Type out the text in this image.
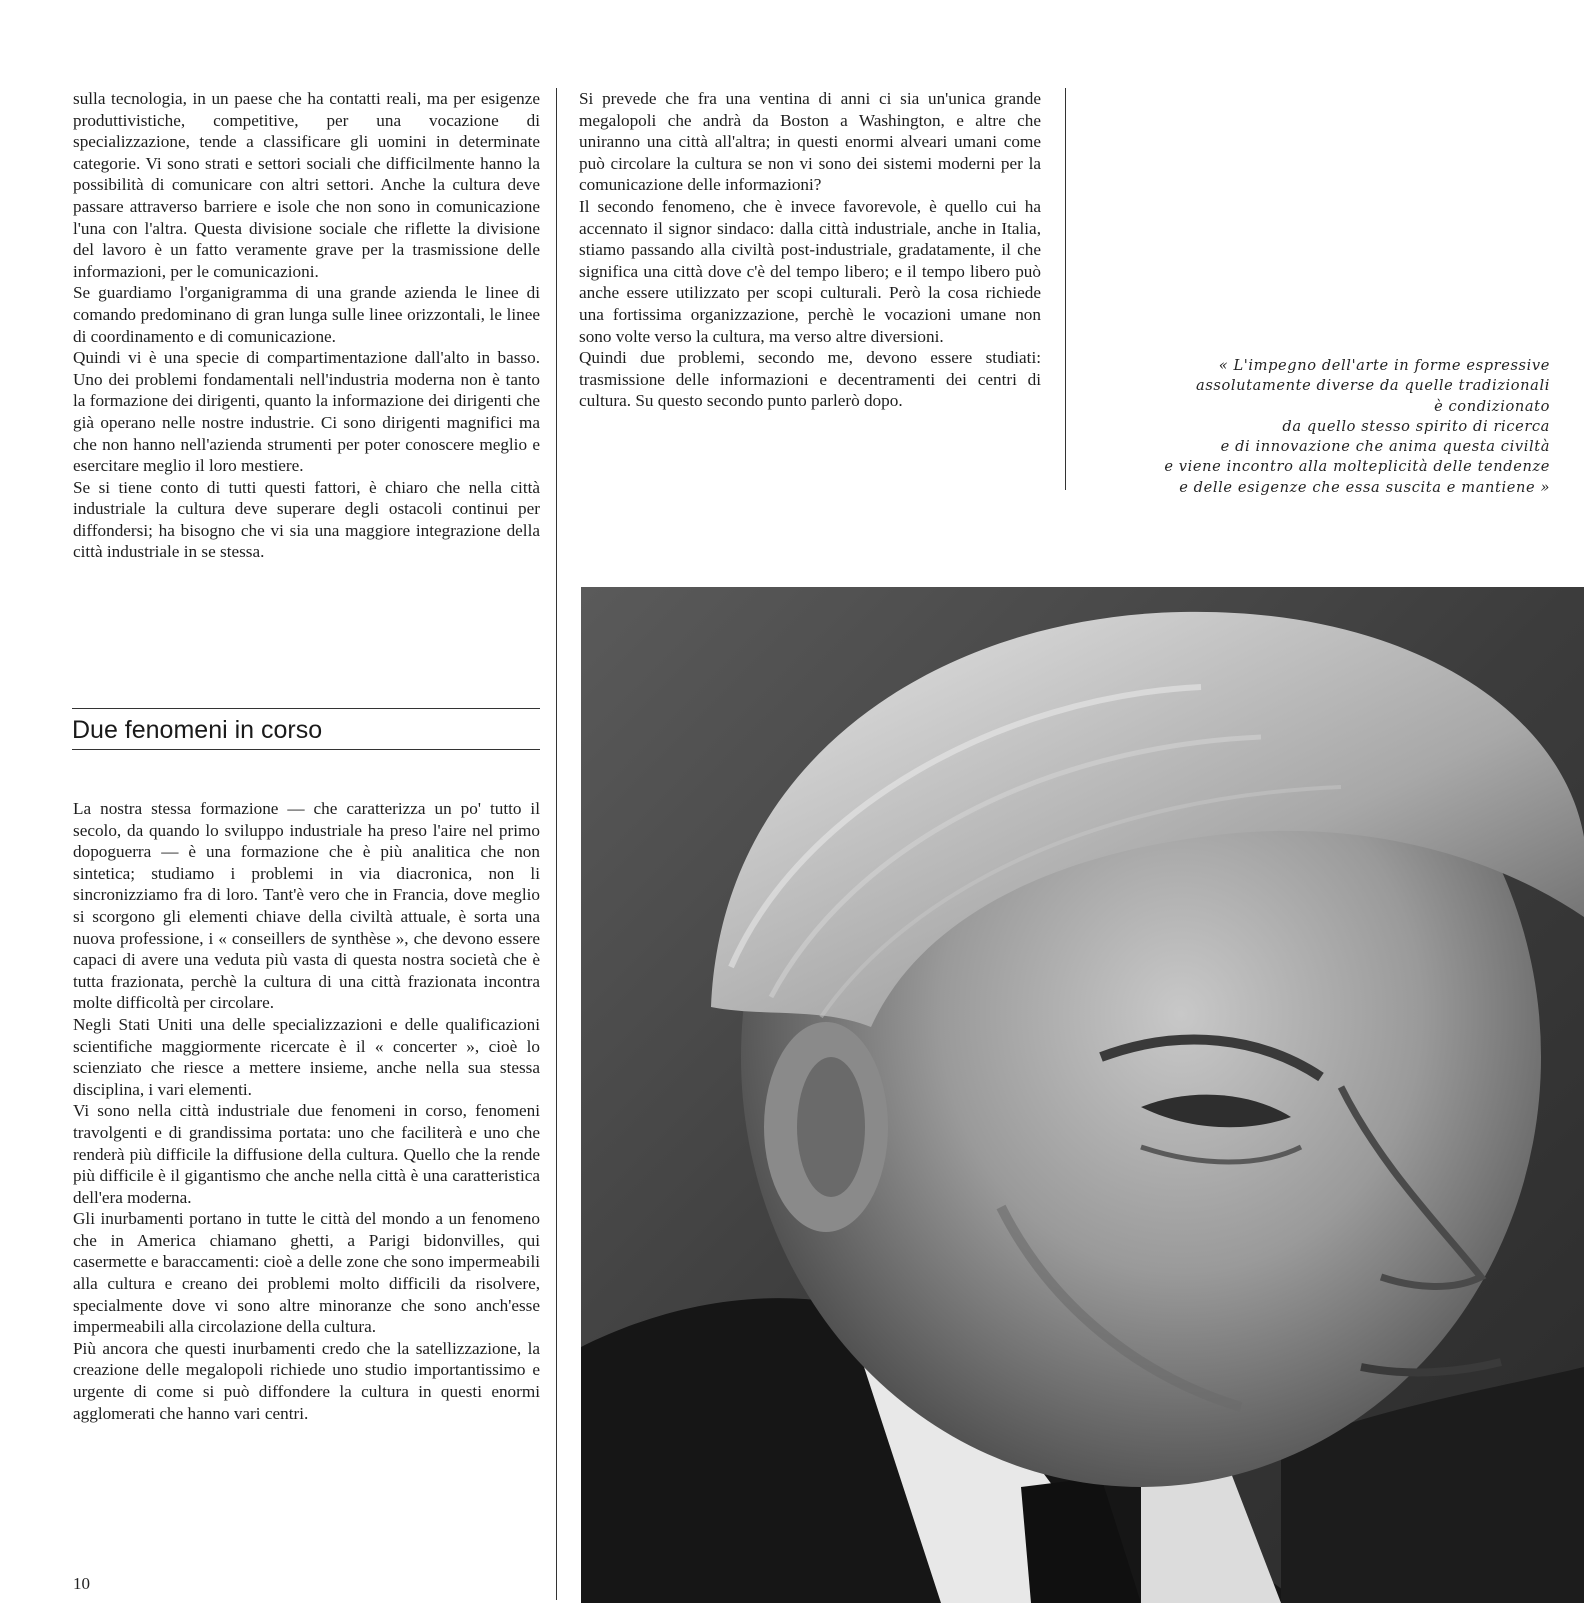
sulla tecnologia, in un paese che ha contatti reali, ma per esigenze produttivistiche, competitive, per una vocazione di specializzazione, tende a classificare gli uomini in determinate categorie. Vi sono strati e settori sociali che difficilmente hanno la possibilità di comunicare con altri settori. Anche la cultura deve passare attraverso barriere e isole che non sono in comunicazione l'una con l'altra. Questa divisione sociale che riflette la divisione del lavoro è un fatto veramente grave per la trasmissione delle informazioni, per le comunicazioni.

Se guardiamo l'organigramma di una grande azienda le linee di comando predominano di gran lunga sulle linee orizzontali, le linee di coordinamento e di comunicazione.

Quindi vi è una specie di compartimentazione dall'alto in basso. Uno dei problemi fondamentali nell'industria moderna non è tanto la formazione dei dirigenti, quanto la informazione dei dirigenti che già operano nelle nostre industrie. Ci sono dirigenti magnifici ma che non hanno nell'azienda strumenti per poter conoscere meglio e esercitare meglio il loro mestiere.

Se si tiene conto di tutti questi fattori, è chiaro che nella città industriale la cultura deve superare degli ostacoli continui per diffondersi; ha bisogno che vi sia una maggiore integrazione della città industriale in se stessa.

Due fenomeni in corso

La nostra stessa formazione — che caratterizza un po' tutto il secolo, da quando lo sviluppo industriale ha preso l'aire nel primo dopoguerra — è una formazione che è più analitica che non sintetica; studiamo i problemi in via diacronica, non li sincronizziamo fra di loro. Tant'è vero che in Francia, dove meglio si scorgono gli elementi chiave della civiltà attuale, è sorta una nuova professione, i « conseillers de synthèse », che devono essere capaci di avere una veduta più vasta di questa nostra società che è tutta frazionata, perchè la cultura di una città frazionata incontra molte difficoltà per circolare.

Negli Stati Uniti una delle specializzazioni e delle qualificazioni scientifiche maggiormente ricercate è il « concerter », cioè lo scienziato che riesce a mettere insieme, anche nella sua stessa disciplina, i vari elementi.

Vi sono nella città industriale due fenomeni in corso, fenomeni travolgenti e di grandissima portata: uno che faciliterà e uno che renderà più difficile la diffusione della cultura. Quello che la rende più difficile è il gigantismo che anche nella città è una caratteristica dell'era moderna.

Gli inurbamenti portano in tutte le città del mondo a un fenomeno che in America chiamano ghetti, a Parigi bidonvilles, qui casermette e baraccamenti: cioè a delle zone che sono impermeabili alla cultura e creano dei problemi molto difficili da risolvere, specialmente dove vi sono altre minoranze che sono anch'esse impermeabili alla circolazione della cultura.

Più ancora che questi inurbamenti credo che la satellizzazione, la creazione delle megalopoli richiede uno studio importantissimo e urgente di come si può diffondere la cultura in questi enormi agglomerati che hanno vari centri.

Si prevede che fra una ventina di anni ci sia un'unica grande megalopoli che andrà da Boston a Washington, e altre che uniranno una città all'altra; in questi enormi alveari umani come può circolare la cultura se non vi sono dei sistemi moderni per la comunicazione delle informazioni?

Il secondo fenomeno, che è invece favorevole, è quello cui ha accennato il signor sindaco: dalla città industriale, anche in Italia, stiamo passando alla civiltà post-industriale, gradatamente, il che significa una città dove c'è del tempo libero; e il tempo libero può anche essere utilizzato per scopi culturali. Però la cosa richiede una fortissima organizzazione, perchè le vocazioni umane non sono volte verso la cultura, ma verso altre diversioni.

Quindi due problemi, secondo me, devono essere studiati: trasmissione delle informazioni e decentramenti dei centri di cultura. Su questo secondo punto parlerò dopo.

« L'impegno dell'arte in forme espressive
assolutamente diverse da quelle tradizionali
è condizionato
da quello stesso spirito di ricerca
e di innovazione che anima questa civiltà
e viene incontro alla molteplicità delle tendenze
e delle esigenze che essa suscita e mantiene »
10
